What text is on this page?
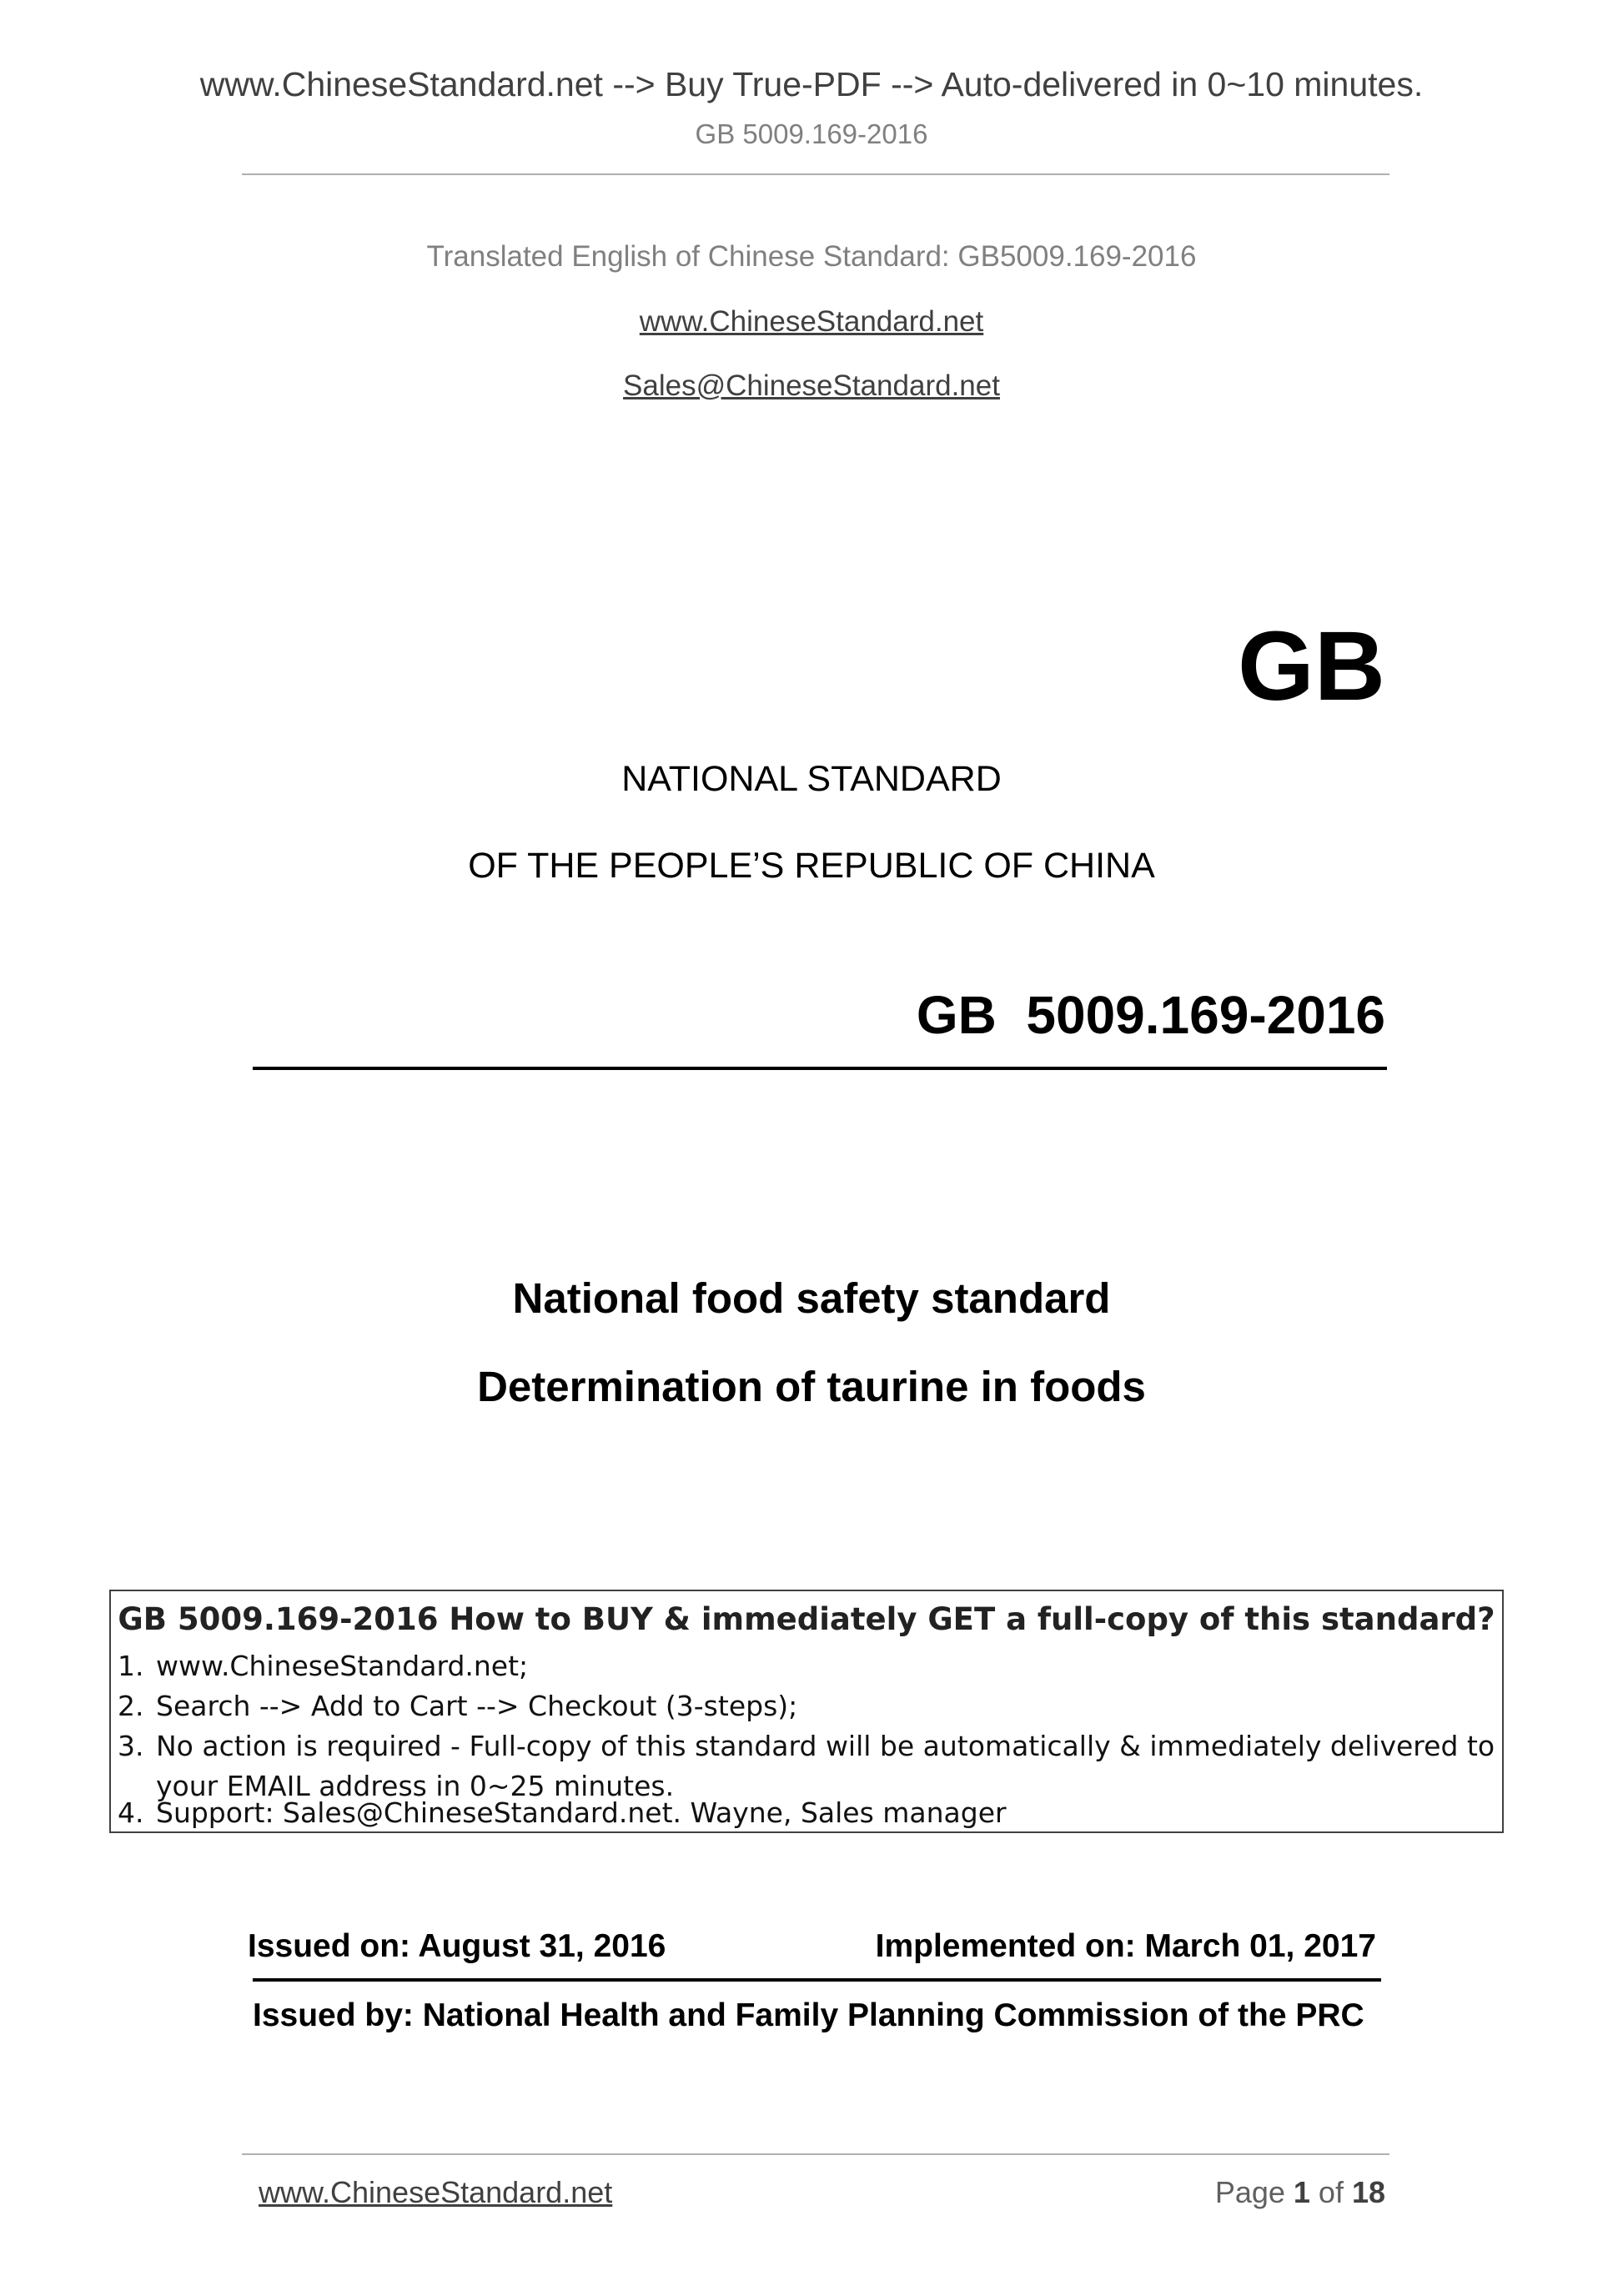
www.ChineseStandard.net --> Buy True-PDF --> Auto-delivered in 0~10 minutes.
GB 5009.169-2016
Translated English of Chinese Standard: GB5009.169-2016
www.ChineseStandard.net
Sales@ChineseStandard.net
GB
NATIONAL STANDARD
OF THE PEOPLE’S REPUBLIC OF CHINA
GB  5009.169-2016
National food safety standard
Determination of taurine in foods
GB 5009.169-2016 How to BUY & immediately GET a full-copy of this standard?
1. www.ChineseStandard.net;
2. Search --> Add to Cart --> Checkout (3-steps);
3. No action is required - Full-copy of this standard will be automatically & immediately delivered to
your EMAIL address in 0~25 minutes.
4. Support: Sales@ChineseStandard.net. Wayne, Sales manager
Issued on: August 31, 2016	Implemented on: March 01, 2017
Issued by: National Health and Family Planning Commission of the PRC
www.ChineseStandard.net	Page 1 of 18
